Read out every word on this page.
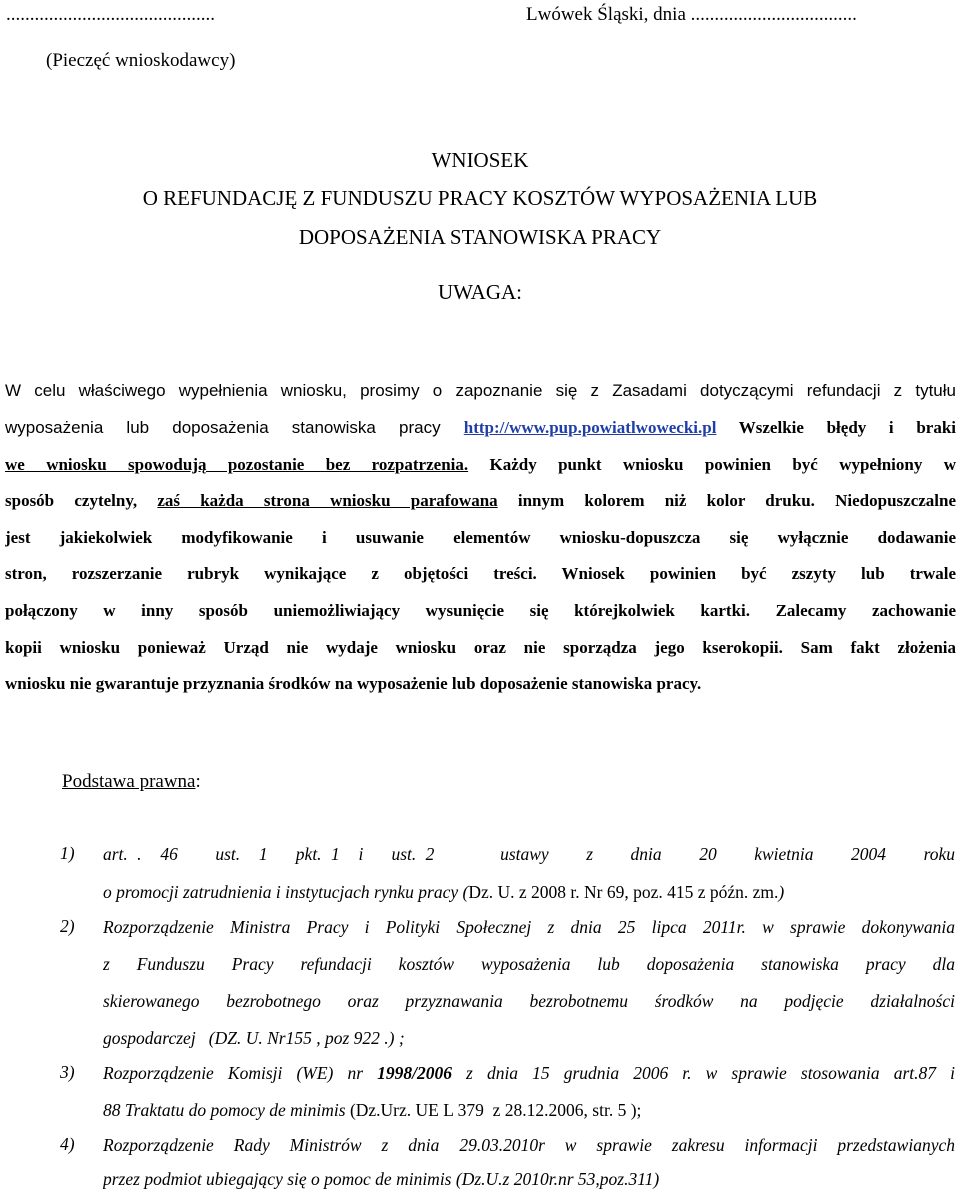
............................................	Lwówek Śląski, dnia ...................................
(Pieczęć wnioskodawcy)
WNIOSEK
O REFUNDACJĘ Z FUNDUSZU PRACY KOSZTÓW WYPOSAŻENIA LUB
DOPOSAŻENIA STANOWISKA PRACY
UWAGA:
W celu właściwego wypełnienia wniosku, prosimy o zapoznanie się z Zasadami dotyczącymi refundacji z tytułu
wyposażenia lub doposażenia stanowiska pracy http://www.pup.powiatlwowecki.pl Wszelkie błędy i braki
we wniosku spowodują pozostanie bez rozpatrzenia. Każdy punkt wniosku powinien być wypełniony w
sposób czytelny, zaś każda strona wniosku parafowana innym kolorem niż kolor druku. Niedopuszczalne
jest jakiekolwiek modyfikowanie i usuwanie elementów wniosku-dopuszcza się wyłącznie dodawanie
stron, rozszerzanie rubryk wynikające z objętości treści. Wniosek powinien być zszyty lub trwale
połączony w inny sposób uniemożliwiający wysunięcie się którejkolwiek kartki. Zalecamy zachowanie
kopii wniosku ponieważ Urząd nie wydaje wniosku oraz nie sporządza jego kserokopii. Sam fakt złożenia
wniosku nie gwarantuje przyznania środków na wyposażenie lub doposażenie stanowiska pracy.
Podstawa prawna:
1) art. .  46    ust.  1   pkt. 1  i   ust. 2       ustawy    z    dnia    20    kwietnia    2004    roku
o promocji zatrudnienia i instytucjach rynku pracy (Dz. U. z 2008 r. Nr 69, poz. 415 z późn. zm.)
2) Rozporządzenie Ministra Pracy i Polityki Społecznej z dnia 25 lipca 2011r. w sprawie dokonywania
z Funduszu Pracy refundacji kosztów wyposażenia lub doposażenia stanowiska pracy dla
skierowanego bezrobotnego oraz przyznawania bezrobotnemu środków na podjęcie działalności
gospodarczej   (DZ. U. Nr155 , poz 922 .) ;
3) Rozporządzenie Komisji (WE) nr 1998/2006 z dnia 15 grudnia 2006 r. w sprawie stosowania art.87 i
88 Traktatu do pomocy de minimis (Dz.Urz. UE L 379  z 28.12.2006, str. 5 );
4) Rozporządzenie Rady Ministrów z dnia 29.03.2010r w sprawie zakresu informacji przedstawianych
przez podmiot ubiegający się o pomoc de minimis (Dz.U.z 2010r.nr 53,poz.311)
